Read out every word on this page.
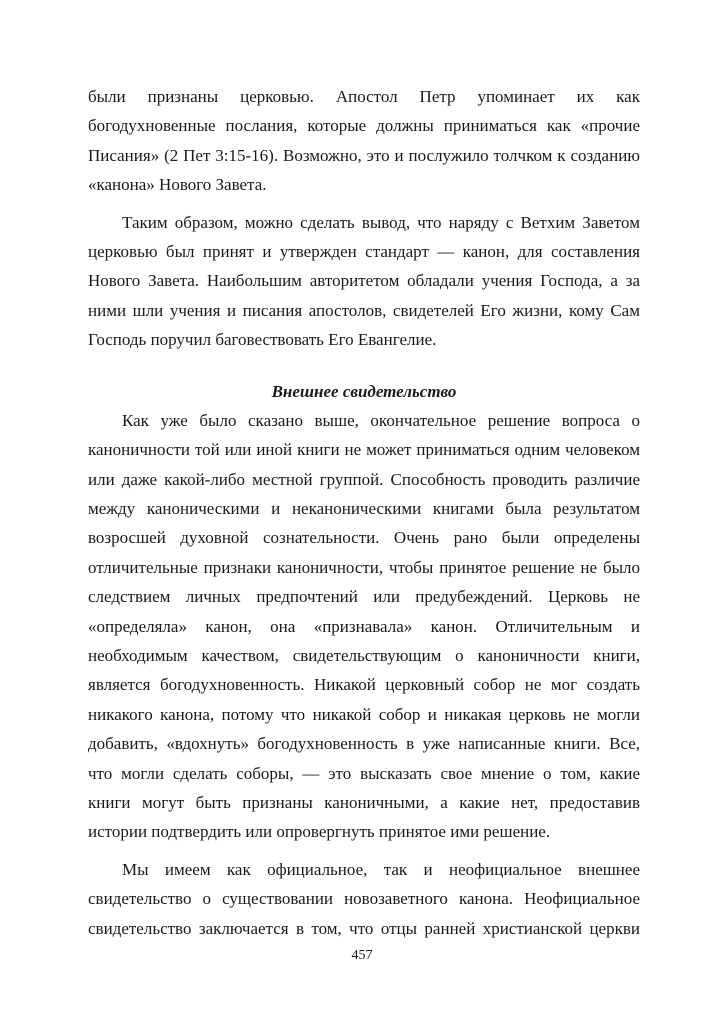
были признаны церковью. Апостол Петр упоминает их как
богодухновенные послания, которые должны приниматься как «прочие
Писания» (2 Пет 3:15-16). Возможно, это и послужило толчком к созданию
«канона» Нового Завета.
Таким образом, можно сделать вывод, что наряду с Ветхим Заветом
церковью был принят и утвержден стандарт — канон, для составления
Нового Завета. Наибольшим авторитетом обладали учения Господа, а за
ними шли учения и писания апостолов, свидетелей Его жизни, кому Сам
Господь поручил баговествовать Его Евангелие.
Внешнее свидетельство
Как уже было сказано выше, окончательное решение вопроса о
каноничности той или иной книги не может приниматься одним человеком
или даже какой-либо местной группой. Способность проводить различие
между каноническими и неканоническими книгами была результатом
возросшей духовной сознательности. Очень рано были определены
отличительные признаки каноничности, чтобы принятое решение не было
следствием личных предпочтений или предубеждений. Церковь не
«определяла» канон, она «признавала» канон. Отличительным и
необходимым качеством, свидетельствующим о каноничности книги,
является богодухновенность. Никакой церковный собор не мог создать
никакого канона, потому что никакой собор и никакая церковь не могли
добавить, «вдохнуть» богодухновенность в уже написанные книги. Все,
что могли сделать соборы, — это высказать свое мнение о том, какие
книги могут быть признаны каноничными, а какие нет, предоставив
истории подтвердить или опровергнуть принятое ими решение.
Мы имеем как официальное, так и неофициальное внешнее
свидетельство о существовании новозаветного канона. Неофициальное
свидетельство заключается в том, что отцы ранней христианской церкви
457
